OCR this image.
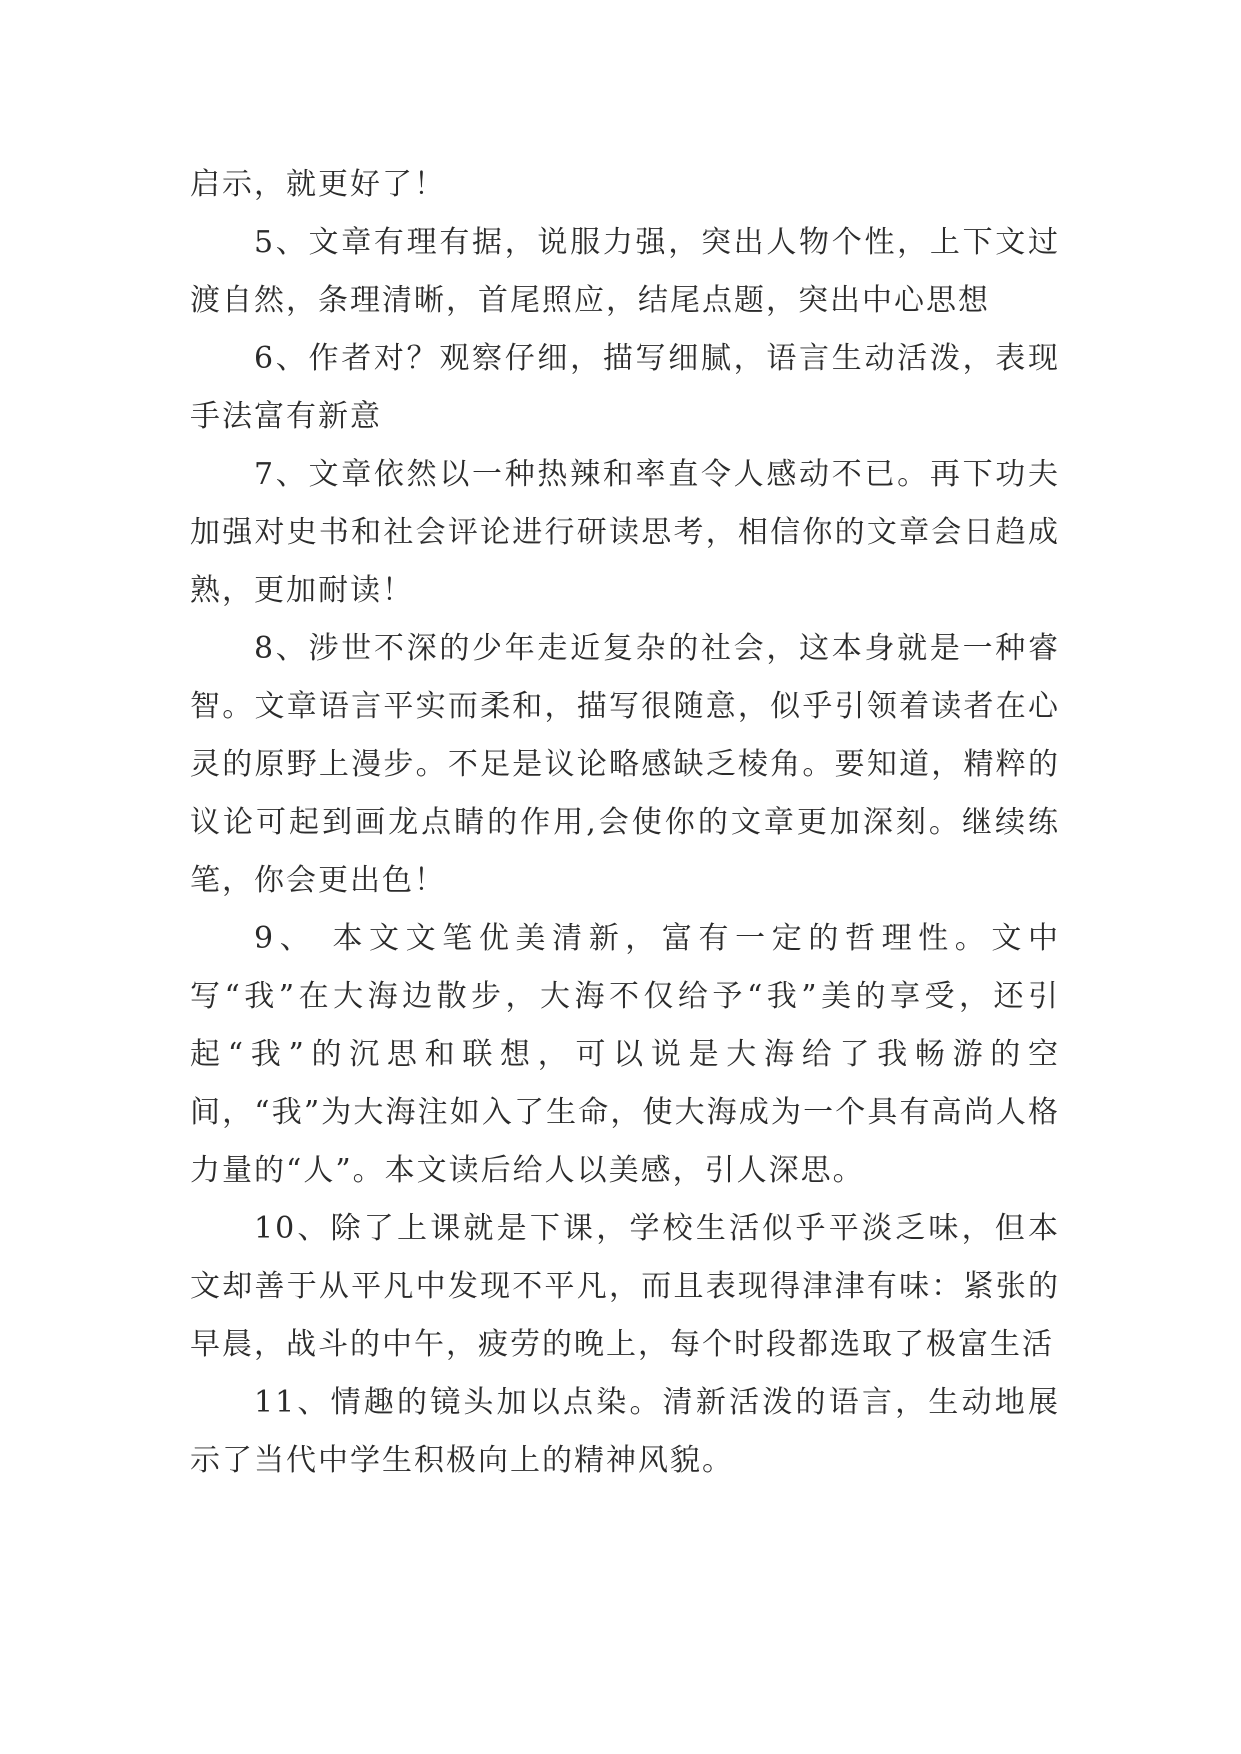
启示，就更好了！

5、文章有理有据，说服力强，突出人物个性，上下文过渡自然，条理清晰，首尾照应，结尾点题，突出中心思想

6、作者对？观察仔细，描写细腻，语言生动活泼，表现手法富有新意

7、文章依然以一种热辣和率直令人感动不已。再下功夫加强对史书和社会评论进行研读思考，相信你的文章会日趋成熟，更加耐读！

8、涉世不深的少年走近复杂的社会，这本身就是一种睿智。文章语言平实而柔和，描写很随意，似乎引领着读者在心灵的原野上漫步。不足是议论略感缺乏棱角。要知道，精粹的议论可起到画龙点睛的作用,会使你的文章更加深刻。继续练笔，你会更出色！

9、 本文文笔优美清新，富有一定的哲理性。文中写“我”在大海边散步，大海不仅给予“我”美的享受，还引起“我”的沉思和联想，可以说是大海给了我畅游的空间，“我”为大海注如入了生命，使大海成为一个具有高尚人格力量的“人”。本文读后给人以美感，引人深思。

10、除了上课就是下课，学校生活似乎平淡乏味，但本文却善于从平凡中发现不平凡，而且表现得津津有味：紧张的早晨，战斗的中午，疲劳的晚上，每个时段都选取了极富生活

11、情趣的镜头加以点染。清新活泼的语言，生动地展示了当代中学生积极向上的精神风貌。
